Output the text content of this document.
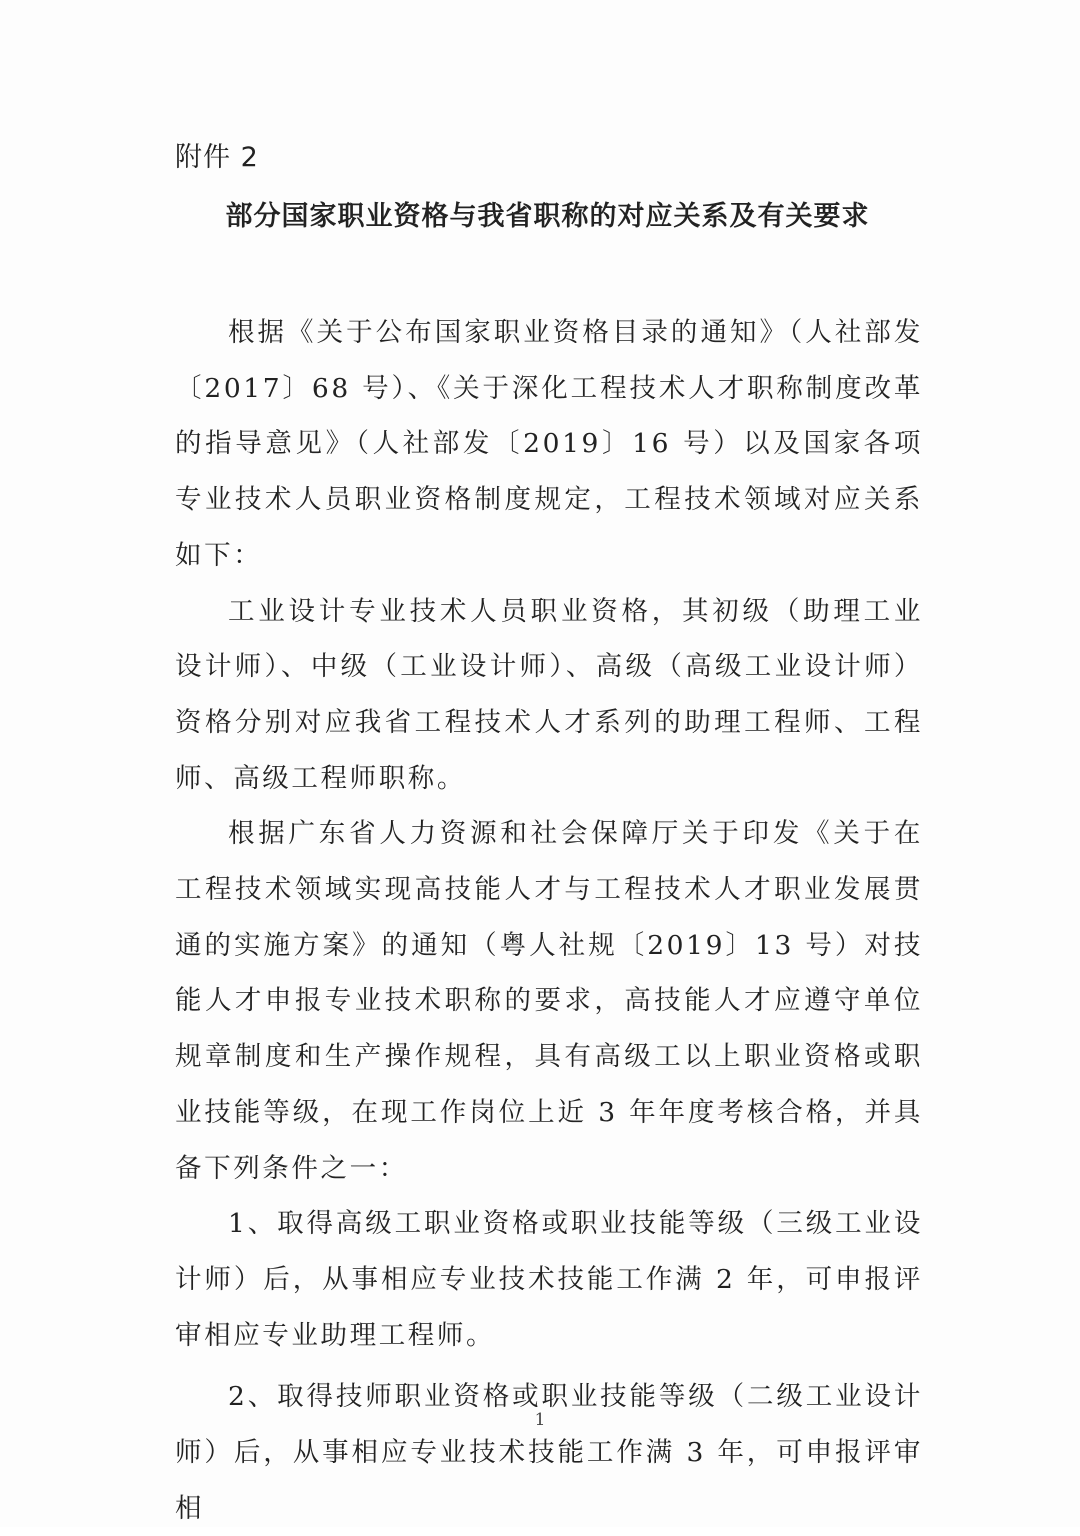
附件 2
部分国家职业资格与我省职称的对应关系及有关要求

根据《关于公布国家职业资格目录的通知》（人社部发〔2017〕68 号）、《关于深化工程技术人才职称制度改革的指导意见》（人社部发〔2019〕16 号）以及国家各项专业技术人员职业资格制度规定，工程技术领域对应关系如下：

工业设计专业技术人员职业资格，其初级（助理工业设计师）、中级（工业设计师）、高级（高级工业设计师）资格分别对应我省工程技术人才系列的助理工程师、工程师、高级工程师职称。

根据广东省人力资源和社会保障厅关于印发《关于在工程技术领域实现高技能人才与工程技术人才职业发展贯通的实施方案》的通知（粤人社规〔2019〕13 号）对技能人才申报专业技术职称的要求，高技能人才应遵守单位规章制度和生产操作规程，具有高级工以上职业资格或职业技能等级，在现工作岗位上近 3 年年度考核合格，并具备下列条件之一：

1、取得高级工职业资格或职业技能等级（三级工业设计师）后，从事相应专业技术技能工作满 2 年，可申报评审相应专业助理工程师。

2、取得技师职业资格或职业技能等级（二级工业设计师）后，从事相应专业技术技能工作满 3 年，可申报评审相

1
